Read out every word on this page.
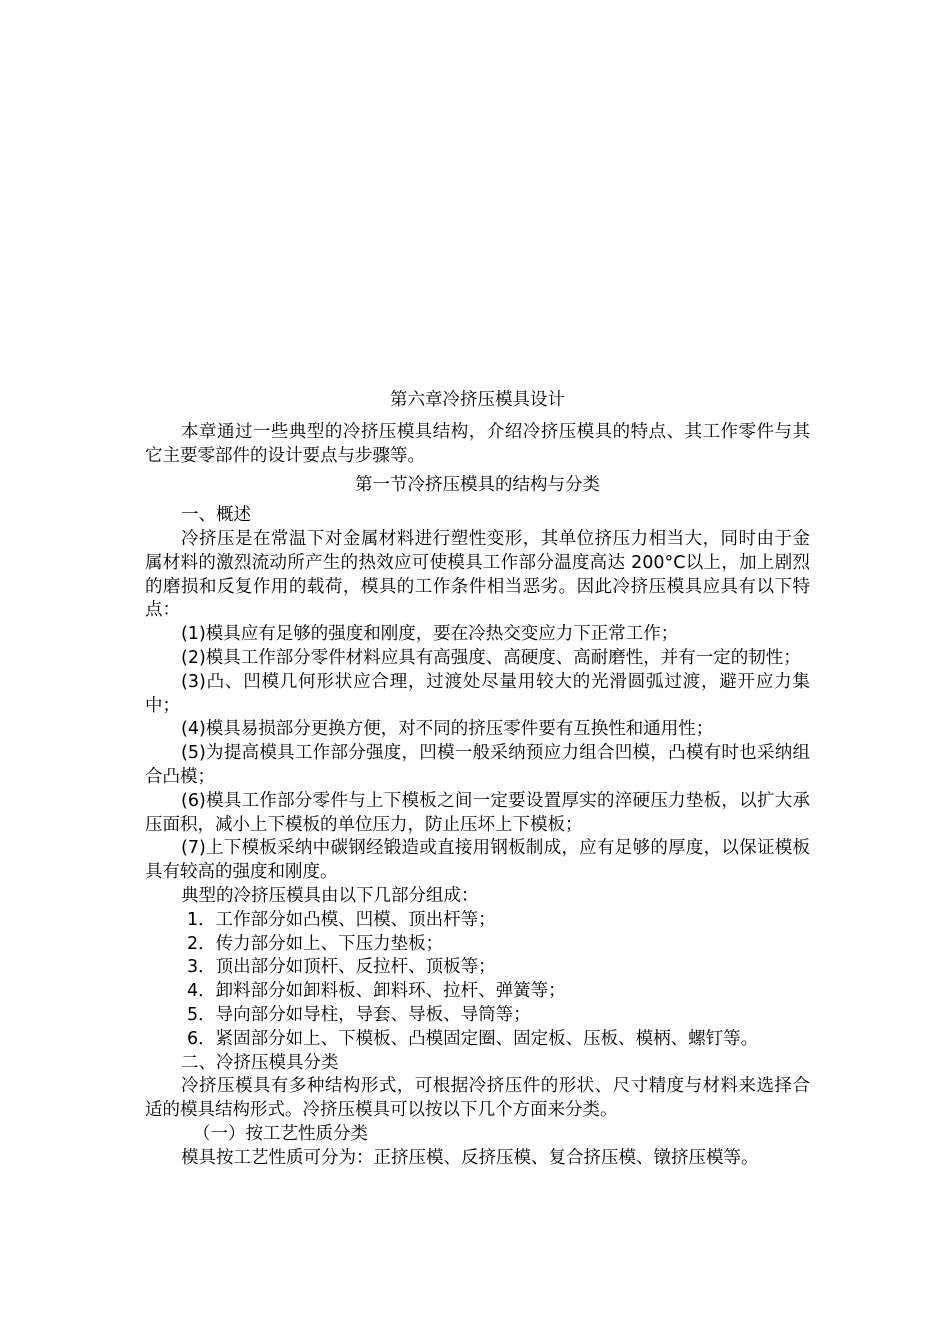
第六章冷挤压模具设计

本章通过一些典型的冷挤压模具结构，介绍冷挤压模具的特点、其工作零件与其它主要零部件的设计要点与步骤等。

第一节冷挤压模具的结构与分类

一、概述

冷挤压是在常温下对金属材料进行塑性变形，其单位挤压力相当大，同时由于金属材料的激烈流动所产生的热效应可使模具工作部分温度高达 200°C以上，加上剧烈的磨损和反复作用的载荷，模具的工作条件相当恶劣。因此冷挤压模具应具有以下特点：

(1)模具应有足够的强度和刚度，要在冷热交变应力下正常工作；

(2)模具工作部分零件材料应具有高强度、高硬度、高耐磨性，并有一定的韧性；

(3)凸、凹模几何形状应合理，过渡处尽量用较大的光滑圆弧过渡，避开应力集中；

(4)模具易损部分更换方便，对不同的挤压零件要有互换性和通用性；

(5)为提高模具工作部分强度，凹模一般采纳预应力组合凹模，凸模有时也采纳组合凸模；

(6)模具工作部分零件与上下模板之间一定要设置厚实的淬硬压力垫板，以扩大承压面积，减小上下模板的单位压力，防止压坏上下模板；

(7)上下模板采纳中碳钢经锻造或直接用钢板制成，应有足够的厚度，以保证模板具有较高的强度和刚度。

典型的冷挤压模具由以下几部分组成：

1．工作部分如凸模、凹模、顶出杆等；

2．传力部分如上、下压力垫板；

3．顶出部分如顶杆、反拉杆、顶板等；

4．卸料部分如卸料板、卸料环、拉杆、弹簧等；

5．导向部分如导柱，导套、导板、导筒等；

6．紧固部分如上、下模板、凸模固定圈、固定板、压板、模柄、螺钉等。

二、冷挤压模具分类

冷挤压模具有多种结构形式，可根据冷挤压件的形状、尺寸精度与材料来选择合适的模具结构形式。冷挤压模具可以按以下几个方面来分类。

（一）按工艺性质分类

模具按工艺性质可分为：正挤压模、反挤压模、复合挤压模、镦挤压模等。
